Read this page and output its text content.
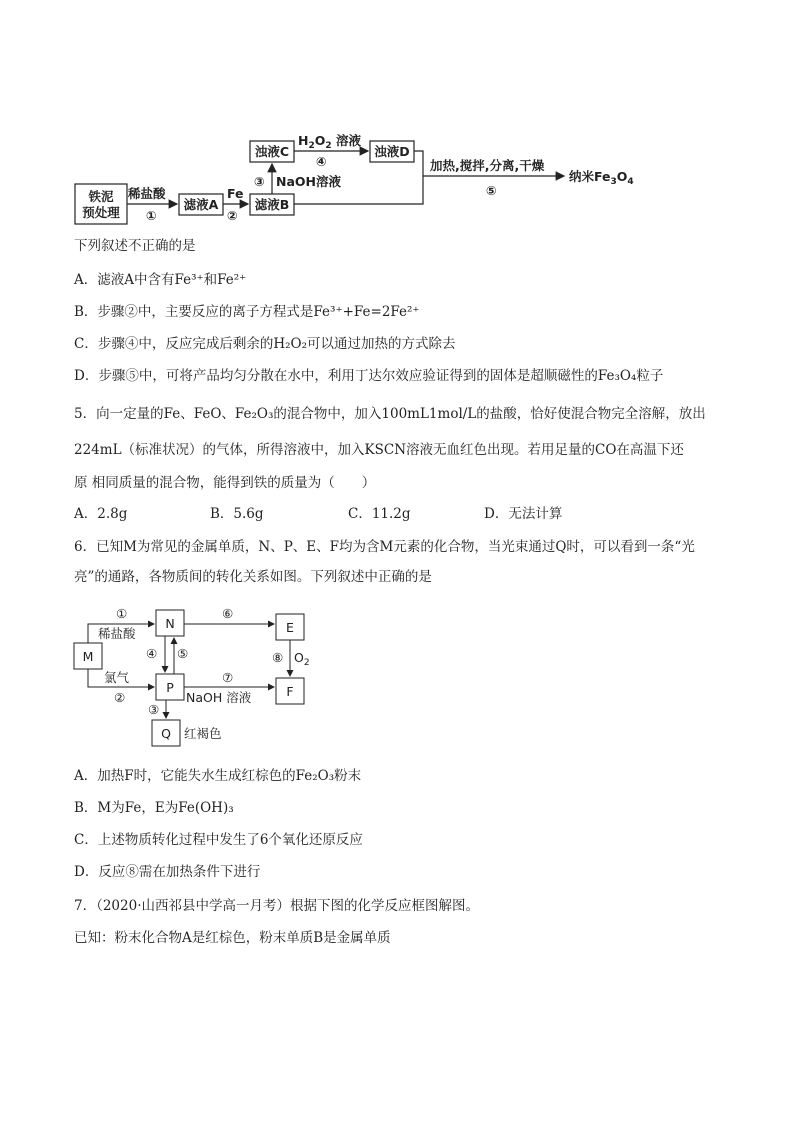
铁泥
预处理
稀盐酸
①
滤液A
Fe
②
滤液B
浊液C
③ NaOH溶液
$H_2O_2$ 溶液
④
浊液D
加热,搅拌,分离,干燥
⑤
纳米$Fe_3O_4$
下列叙述不正确的是
A．滤液A中含有Fe³⁺和Fe²⁺
B．步骤②中，主要反应的离子方程式是Fe³⁺+Fe=2Fe²⁺
C．步骤④中，反应完成后剩余的H₂O₂可以通过加热的方式除去
D．步骤⑤中，可将产品均匀分散在水中，利用丁达尔效应验证得到的固体是超顺磁性的Fe₃O₄粒子
5．向一定量的Fe、FeO、Fe₂O₃的混合物中，加入100mL1mol/L的盐酸，恰好使混合物完全溶解，放出
224mL（标准状况）的气体，所得溶液中，加入KSCN溶液无血红色出现。若用足量的CO在高温下还
原 相同质量的混合物，能得到铁的质量为（　　）
A．2.8g	B．5.6g	C．11.2g	D．无法计算
6．已知M为常见的金属单质，N、P、E、F均为含M元素的化合物，当光束通过Q时，可以看到一条“光
亮”的通路，各物质间的转化关系如图。下列叙述中正确的是
M
N
P
E
F
Q
①
稀盐酸
氯气
②
④ ⑤
⑥
⑦
NaOH 溶液
⑧ $O_2$
③
红褐色
A．加热F时，它能失水生成红棕色的Fe₂O₃粉末
B．M为Fe，E为Fe(OH)₃
C．上述物质转化过程中发生了6个氧化还原反应
D．反应⑧需在加热条件下进行
7．（2020·山西祁县中学高一月考）根据下图的化学反应框图解图。
已知：粉末化合物A是红棕色，粉末单质B是金属单质
